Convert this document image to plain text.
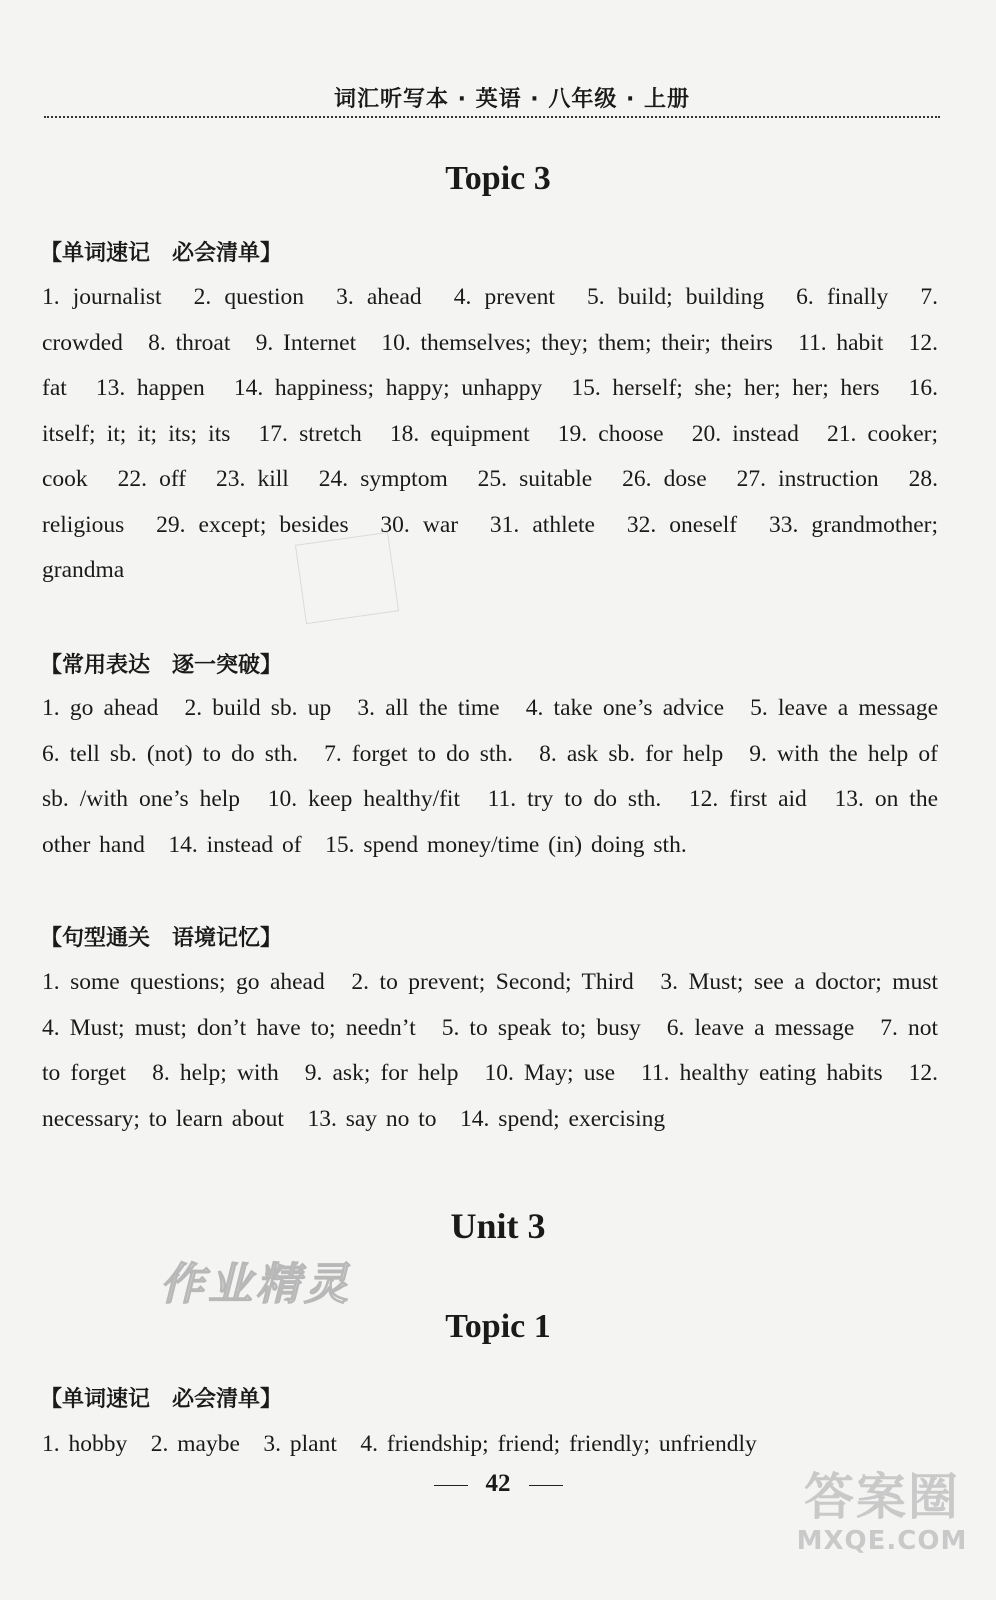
词汇听写本 · 英语 · 八年级 · 上册
Topic 3
【单词速记　必会清单】
1. journalist　2. question　3. ahead　4. prevent　5. build; building　6. finally　7. crowded　8. throat　9. Internet　10. themselves; they; them; their; theirs　11. habit　12. fat　13. happen　14. happiness; happy; unhappy　15. herself; she; her; her; hers　16. itself; it; it; its; its　17. stretch　18. equipment　19. choose　20. instead　21. cooker; cook　22. off　23. kill　24. symptom　25. suitable　26. dose　27. instruction　28. religious　29. except; besides　30. war　31. athlete　32. oneself　33. grandmother; grandma
【常用表达　逐一突破】
1. go ahead　2. build sb. up　3. all the time　4. take one’s advice　5. leave a message　6. tell sb. (not) to do sth.　7. forget to do sth.　8. ask sb. for help　9. with the help of sb. /with one’s help　10. keep healthy/fit　11. try to do sth.　12. first aid　13. on the other hand　14. instead of　15. spend money/time (in) doing sth.
【句型通关　语境记忆】
1. some questions; go ahead　2. to prevent; Second; Third　3. Must; see a doctor; must　4. Must; must; don’t have to; needn’t　5. to speak to; busy　6. leave a message　7. not to forget　8. help; with　9. ask; for help　10. May; use　11. healthy eating habits　12. necessary; to learn about　13. say no to　14. spend; exercising
Unit 3
作业精灵
Topic 1
【单词速记　必会清单】
1. hobby　2. maybe　3. plant　4. friendship; friend; friendly; unfriendly
42	答案圈
MXQE.COM
